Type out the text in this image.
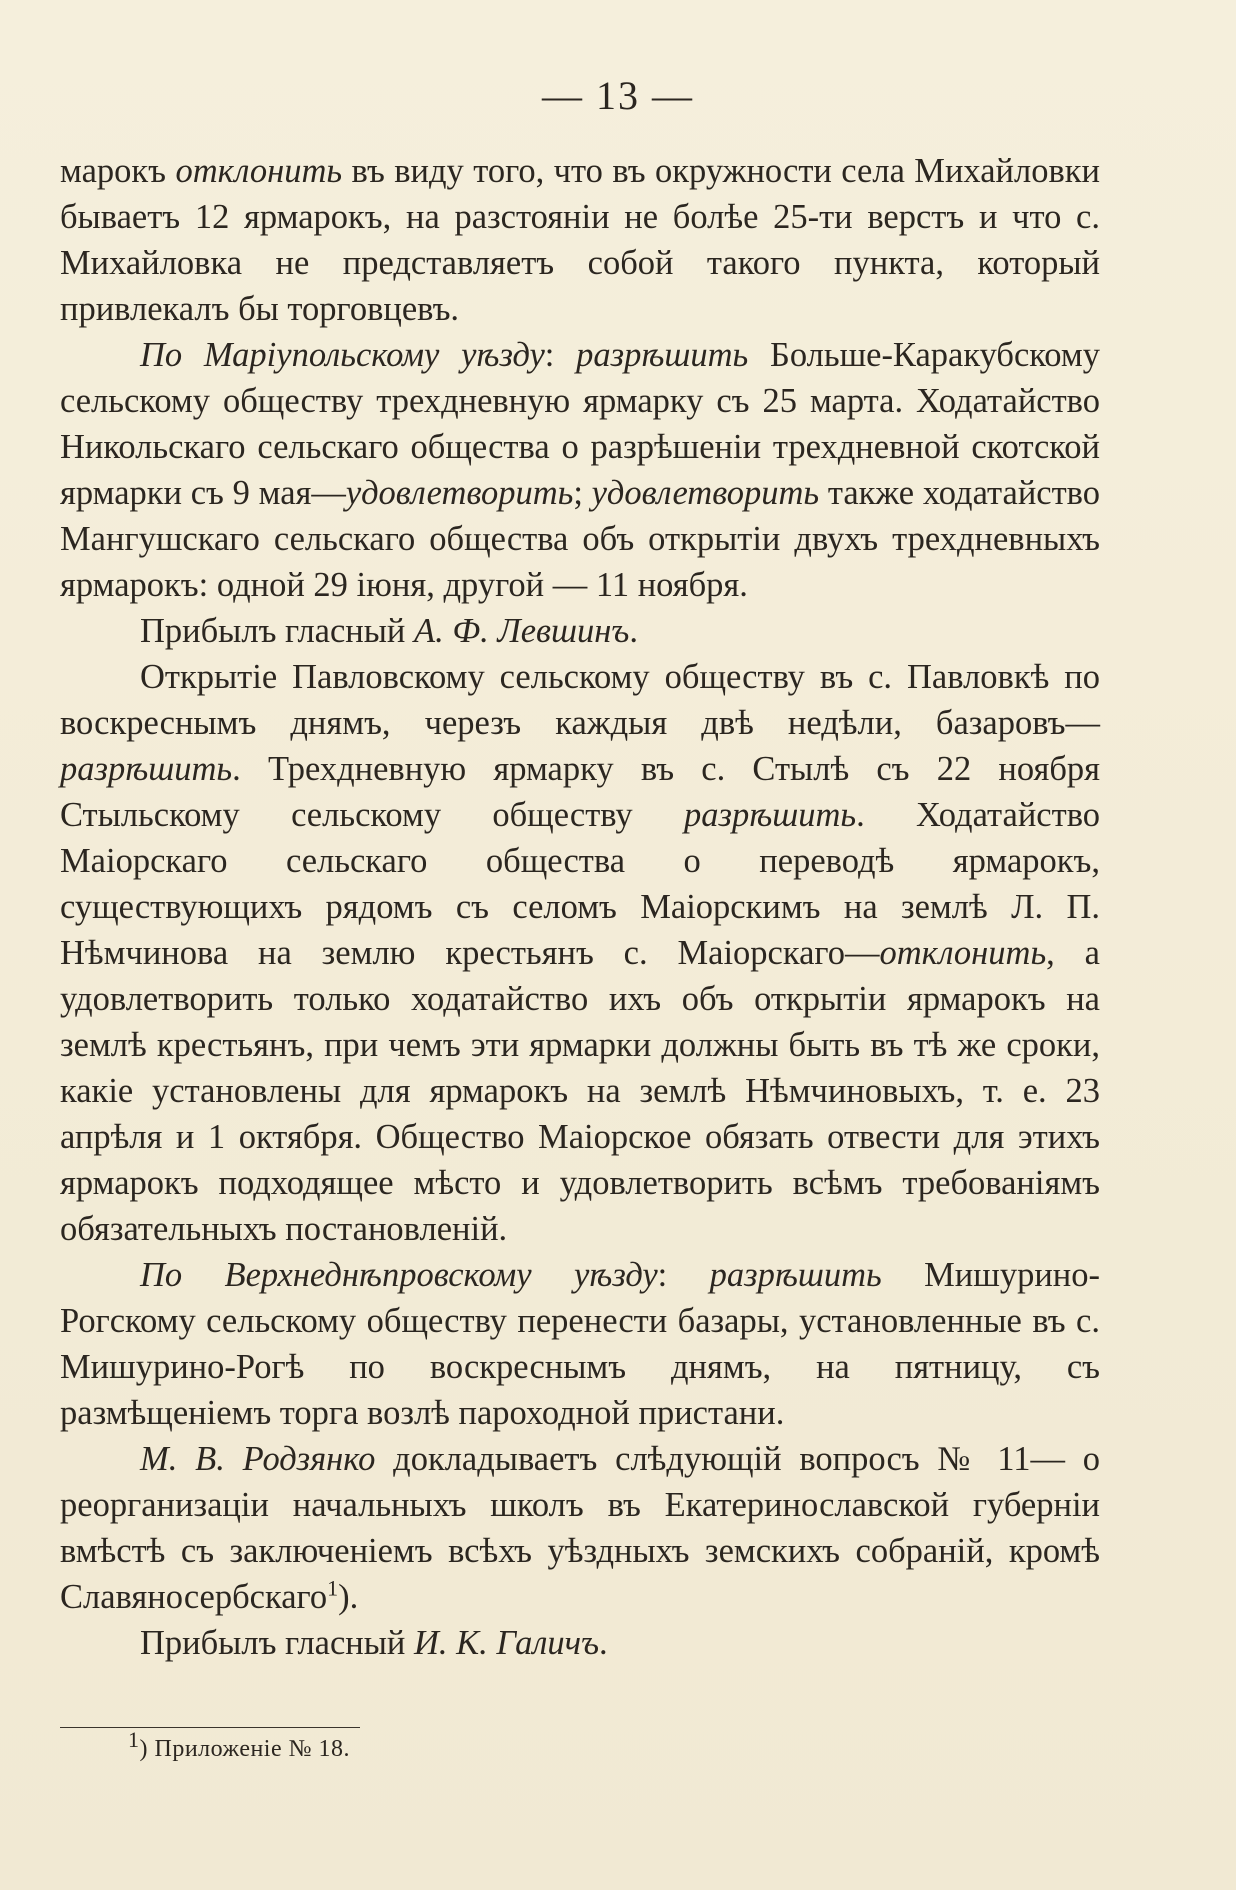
— 13 —

марокъ отклонить въ виду того, что въ окружности села Михайловки бываетъ 12 ярмарокъ, на разстояніи не болѣе 25-ти верстъ и что с. Михайловка не представляетъ собой такого пункта, который привлекалъ бы торговцевъ.

По Маріупольскому уѣзду: разрѣшить Больше-Каракубскому сельскому обществу трехдневную ярмарку съ 25 марта. Ходатайство Никольскаго сельскаго общества о разрѣшеніи трехдневной скотской ярмарки съ 9 мая—удовлетворить; удовлетворить также ходатайство Мангушскаго сельскаго общества объ открытіи двухъ трехдневныхъ ярмарокъ: одной 29 іюня, другой — 11 ноября.

Прибылъ гласный А. Ф. Левшинъ.

Открытіе Павловскому сельскому обществу въ с. Павловкѣ по воскреснымъ днямъ, черезъ каждыя двѣ недѣли, базаровъ— разрѣшить. Трехдневную ярмарку въ с. Стылѣ съ 22 ноября Стыльскому сельскому обществу разрѣшить. Ходатайство Маіорскаго сельскаго общества о переводѣ ярмарокъ, существующихъ рядомъ съ селомъ Маіорскимъ на землѣ Л. П. Нѣмчинова на землю крестьянъ с. Маіорскаго—отклонить, а удовлетворить только ходатайство ихъ объ открытіи ярмарокъ на землѣ крестьянъ, при чемъ эти ярмарки должны быть въ тѣ же сроки, какіе установлены для ярмарокъ на землѣ Нѣмчиновыхъ, т. е. 23 апрѣля и 1 октября. Общество Маіорское обязать отвести для этихъ ярмарокъ подходящее мѣсто и удовлетворить всѣмъ требованіямъ обязательныхъ постановленій.

По Верхнеднѣпровскому уѣзду: разрѣшить Мишурино-Рогскому сельскому обществу перенести базары, установленные въ с. Мишурино-Рогѣ по воскреснымъ днямъ, на пятницу, съ размѣщеніемъ торга возлѣ пароходной пристани.

М. В. Родзянко докладываетъ слѣдующій вопросъ № 11— о реорганизаціи начальныхъ школъ въ Екатеринославской губерніи вмѣстѣ съ заключеніемъ всѣхъ уѣздныхъ земскихъ собраній, кромѣ Славяносербскаго$^1$).

Прибылъ гласный И. К. Галичъ.

1) Приложеніе № 18.
